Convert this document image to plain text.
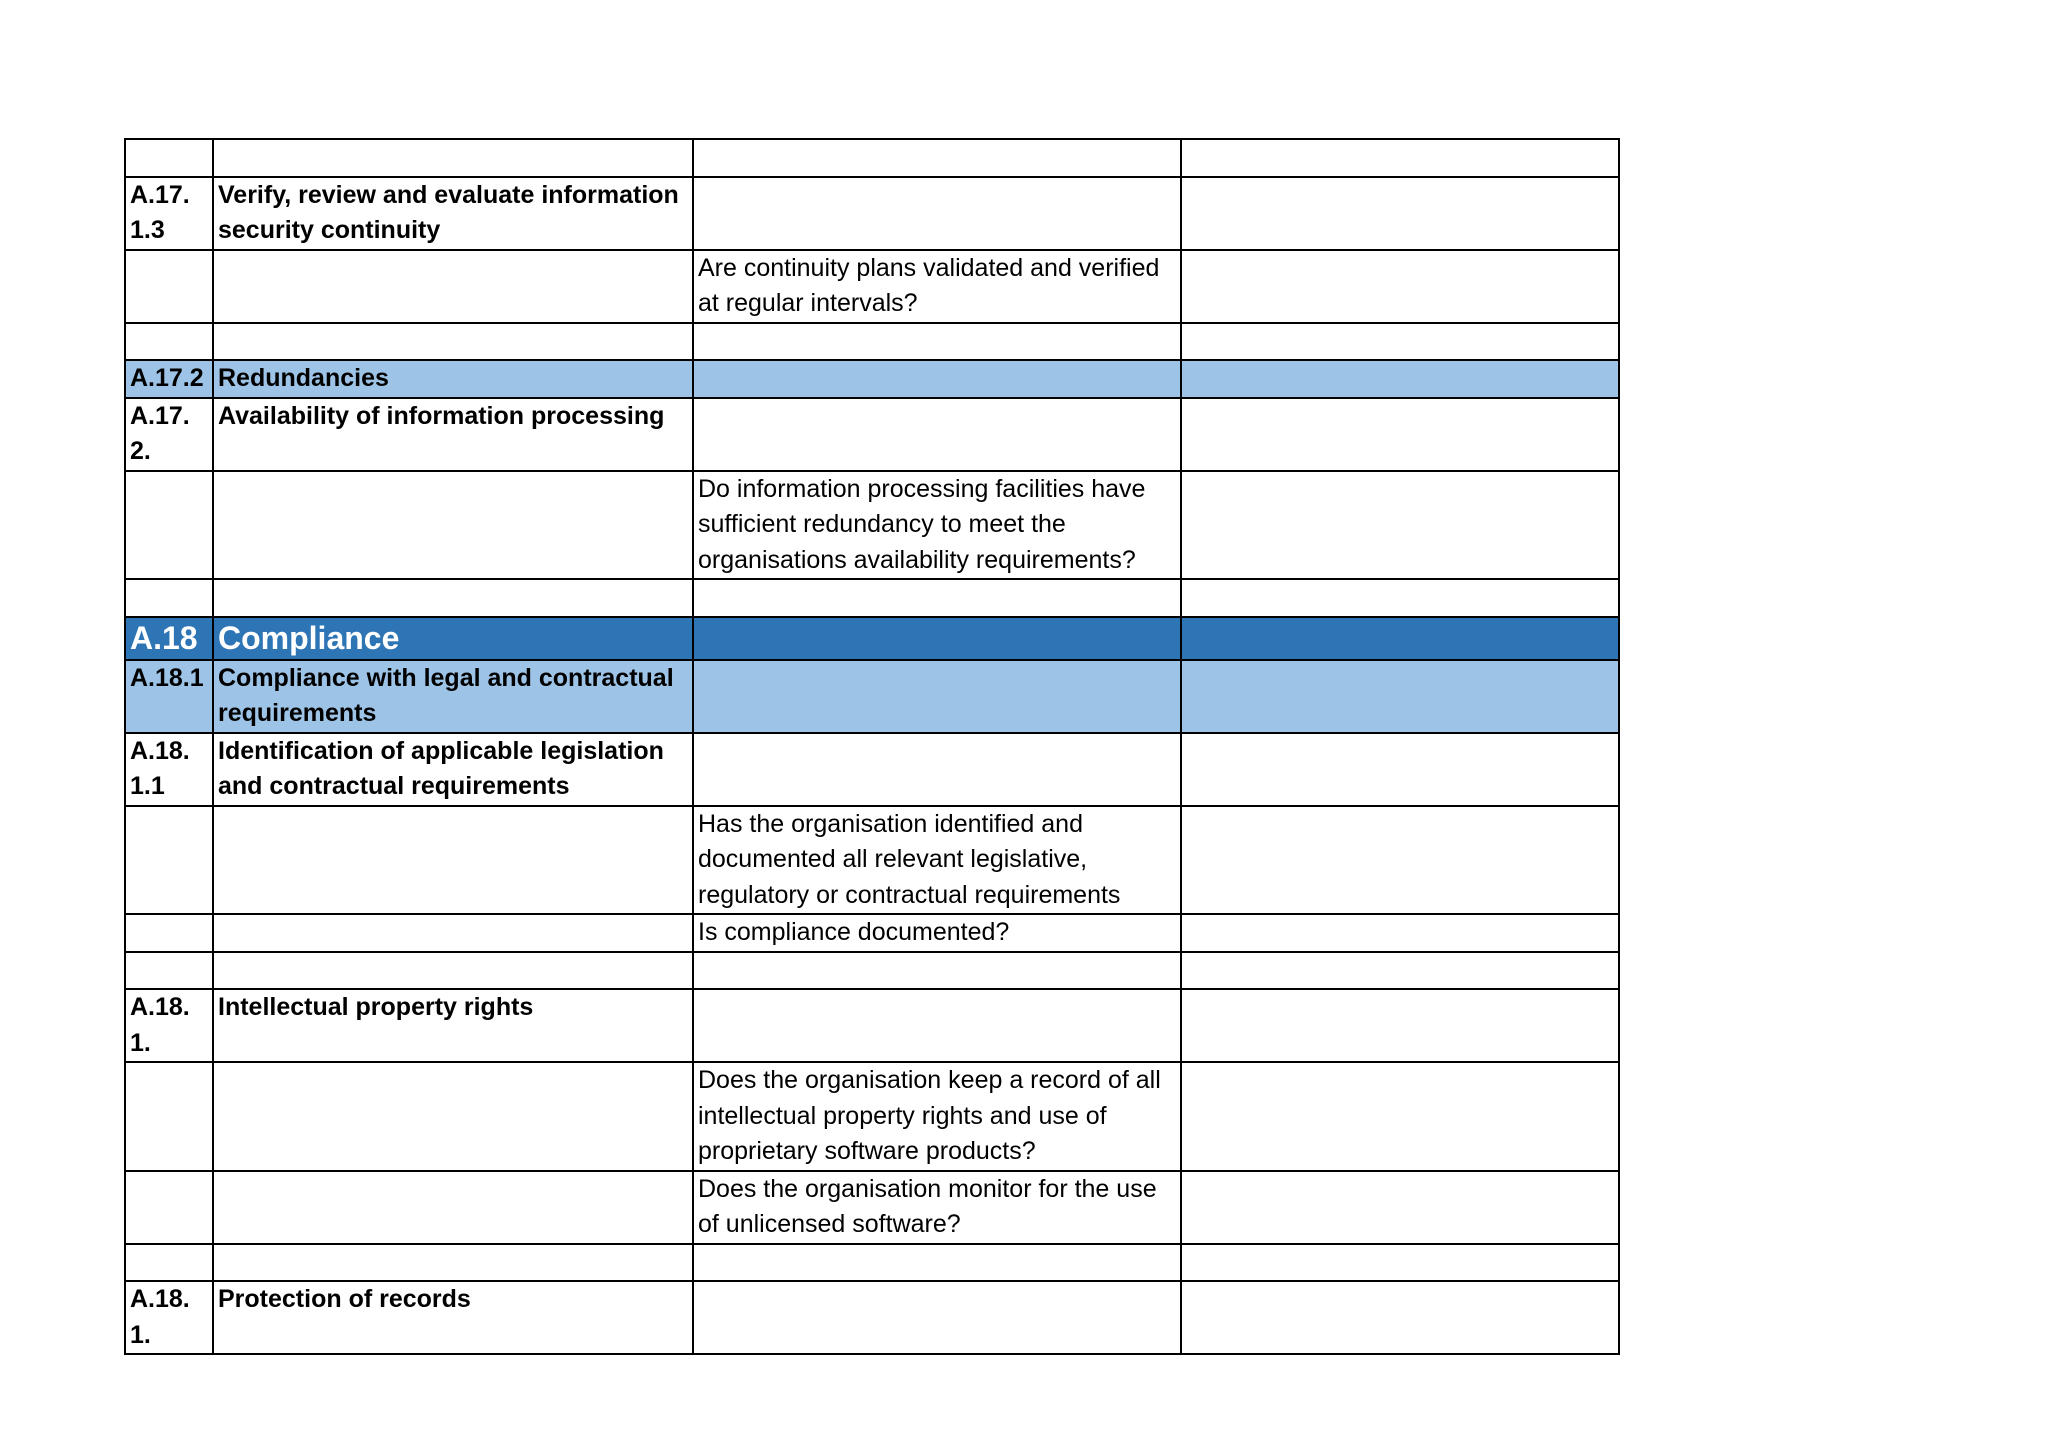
A.17.1.3	Verify, review and evaluate information security continuity		
		Are continuity plans validated and verified at regular intervals?	

A.17.2	Redundancies		
A.17.2.	Availability of information processing		
		Do information processing facilities have sufficient redundancy to meet the organisations availability requirements?	

A.18	Compliance		
A.18.1	Compliance with legal and contractual requirements		
A.18.1.1	Identification of applicable legislation and contractual requirements		
		Has the organisation identified and documented all relevant legislative, regulatory or contractual requirements	
		Is compliance documented?	

A.18.1.	Intellectual property rights		
		Does the organisation keep a record of all intellectual property rights and use of proprietary software products?	
		Does the organisation monitor for the use of unlicensed software?	

A.18.1.	Protection of records		
